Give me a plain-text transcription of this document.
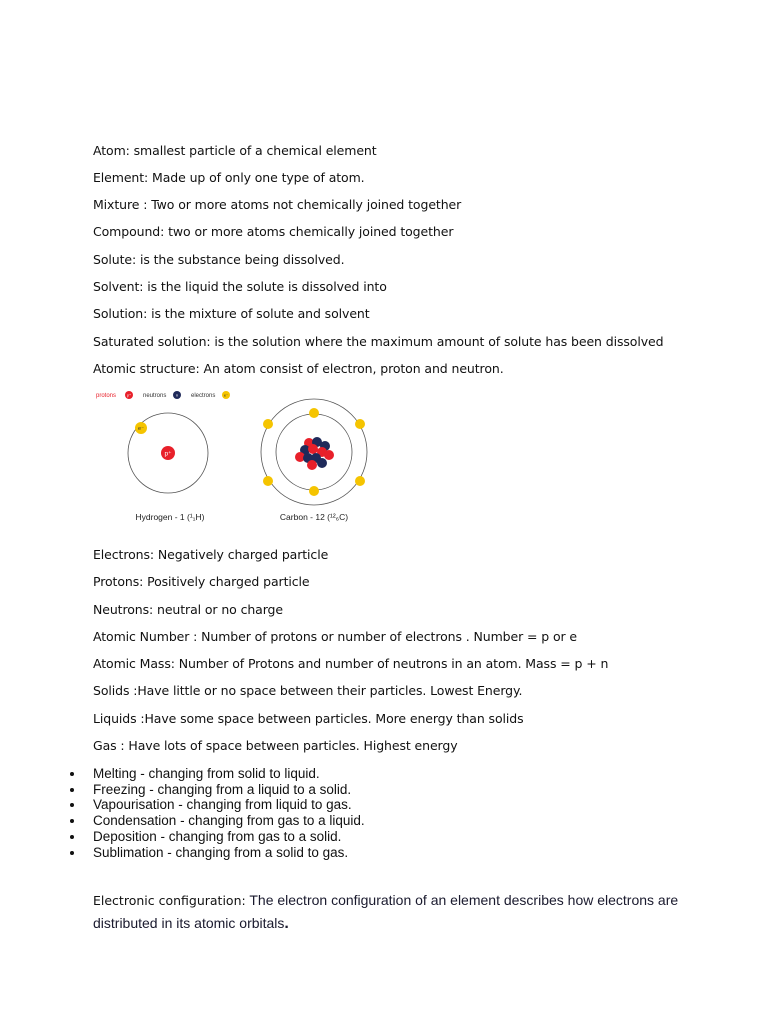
Atom: smallest particle of a chemical element
Element: Made up of only one type of atom.
Mixture : Two or more atoms not chemically joined together
Compound: two or more atoms chemically joined together
Solute: is the substance being dissolved.
Solvent: is the liquid the solute is dissolved into
Solution: is the mixture of solute and solvent
Saturated solution: is the solution where the maximum amount of solute has been dissolved
Atomic structure: An atom consist of electron, proton and neutron.
protons	p⁺ neutrons n electrons e⁻
p⁺
e⁻
Hydrogen - 1 (¹₁H)	Carbon - 12 (¹²₆C)
Electrons: Negatively charged particle
Protons: Positively charged particle
Neutrons: neutral or no charge
Atomic Number : Number of protons or number of electrons . Number = p or e
Atomic Mass: Number of Protons and number of neutrons in an atom. Mass = p + n
Solids :Have little or no space between their particles. Lowest Energy.
Liquids :Have some space between particles. More energy than solids
Gas : Have lots of space between particles. Highest energy
Melting - changing from solid to liquid.
Freezing - changing from a liquid to a solid.
Vapourisation - changing from liquid to gas.
Condensation - changing from gas to a liquid.
Deposition - changing from gas to a solid.
Sublimation - changing from a solid to gas.
Electronic configuration: The electron configuration of an element describes how electrons are distributed in its atomic orbitals.
